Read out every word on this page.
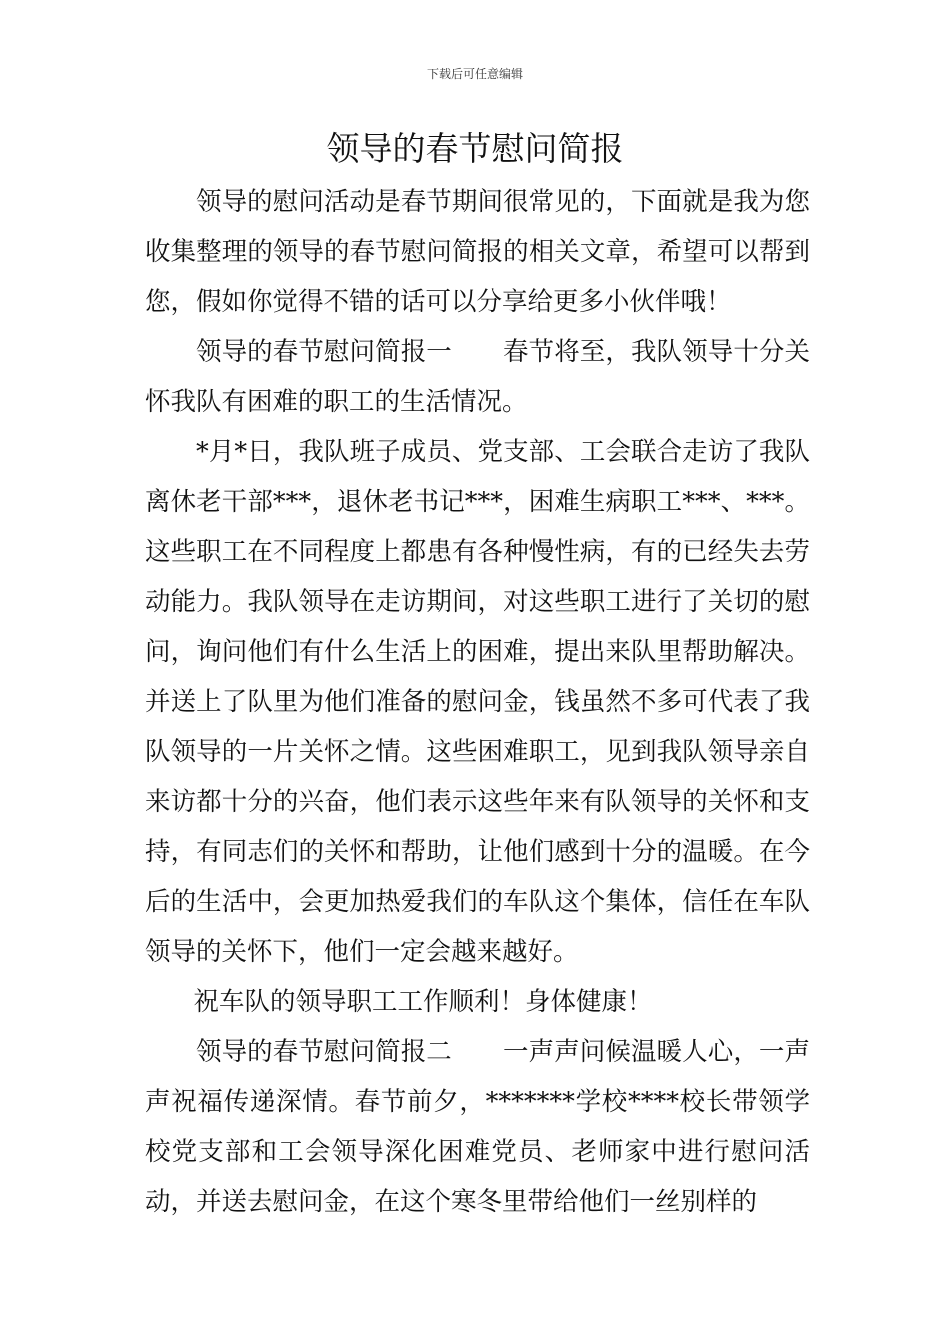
下载后可任意编辑
领导的春节慰问简报

领导的慰问活动是春节期间很常见的，下面就是我为您收集整理的领导的春节慰问简报的相关文章，希望可以帮到您，假如你觉得不错的话可以分享给更多小伙伴哦！

领导的春节慰问简报一　　春节将至，我队领导十分关怀我队有困难的职工的生活情况。

*月*日，我队班子成员、党支部、工会联合走访了我队离休老干部***，退休老书记***，困难生病职工***、***。这些职工在不同程度上都患有各种慢性病，有的已经失去劳动能力。我队领导在走访期间，对这些职工进行了关切的慰问，询问他们有什么生活上的困难，提出来队里帮助解决。并送上了队里为他们准备的慰问金，钱虽然不多可代表了我队领导的一片关怀之情。这些困难职工，见到我队领导亲自来访都十分的兴奋，他们表示这些年来有队领导的关怀和支持，有同志们的关怀和帮助，让他们感到十分的温暖。在今后的生活中，会更加热爱我们的车队这个集体，信任在车队领导的关怀下，他们一定会越来越好。

祝车队的领导职工工作顺利！身体健康！

领导的春节慰问简报二　　一声声问候温暖人心，一声声祝福传递深情。春节前夕，*******学校****校长带领学校党支部和工会领导深化困难党员、老师家中进行慰问活动，并送去慰问金，在这个寒冬里带给他们一丝别样的
